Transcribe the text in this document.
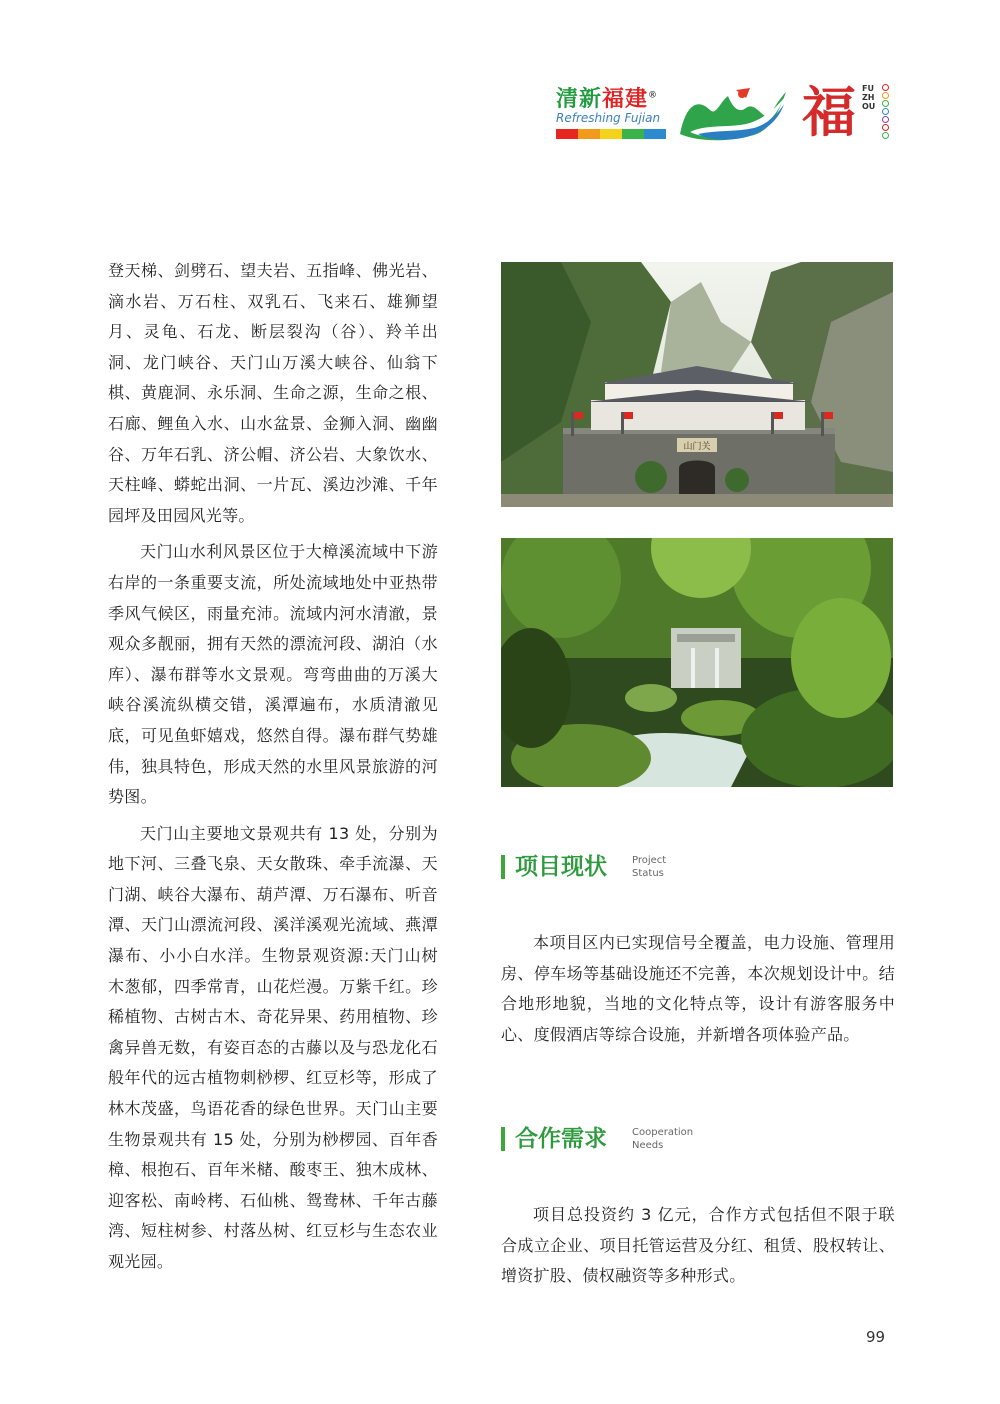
清新福建®
Refreshing Fujian	福 FUZHOU

登天梯、剑劈石、望夫岩、五指峰、佛光岩、滴水岩、万石柱、双乳石、飞来石、雄狮望月、灵龟、石龙、断层裂沟（谷）、羚羊出洞、龙门峡谷、天门山万溪大峡谷、仙翁下棋、黄鹿洞、永乐洞、生命之源，生命之根、石廊、鲤鱼入水、山水盆景、金狮入洞、幽幽谷、万年石乳、济公帽、济公岩、大象饮水、天柱峰、蟒蛇出洞、一片瓦、溪边沙滩、千年园坪及田园风光等。

天门山水利风景区位于大樟溪流域中下游右岸的一条重要支流，所处流域地处中亚热带季风气候区，雨量充沛。流域内河水清澈，景观众多靓丽，拥有天然的漂流河段、湖泊（水库）、瀑布群等水文景观。弯弯曲曲的万溪大峡谷溪流纵横交错，溪潭遍布，水质清澈见底，可见鱼虾嬉戏，悠然自得。瀑布群气势雄伟，独具特色，形成天然的水里风景旅游的河势图。

天门山主要地文景观共有 13 处，分别为地下河、三叠飞泉、天女散珠、牵手流瀑、天门湖、峡谷大瀑布、葫芦潭、万石瀑布、听音潭、天门山漂流河段、溪洋溪观光流域、燕潭瀑布、小小白水洋。生物景观资源:天门山树木葱郁，四季常青，山花烂漫。万紫千红。珍稀植物、古树古木、奇花异果、药用植物、珍禽异兽无数，有姿百态的古藤以及与恐龙化石般年代的远古植物刺桫椤、红豆杉等，形成了林木茂盛，鸟语花香的绿色世界。天门山主要生物景观共有 15 处，分别为桫椤园、百年香樟、根抱石、百年米槠、酸枣王、独木成林、迎客松、南岭栲、石仙桃、鸳鸯林、千年古藤湾、短柱树参、村落丛树、红豆杉与生态农业观光园。

山门关
项目现状	Project
Status

本项目区内已实现信号全覆盖，电力设施、管理用房、停车场等基础设施还不完善，本次规划设计中。结合地形地貌，当地的文化特点等，设计有游客服务中心、度假酒店等综合设施，并新增各项体验产品。

合作需求	Cooperation
Needs

项目总投资约 3 亿元，合作方式包括但不限于联合成立企业、项目托管运营及分红、租赁、股权转让、增资扩股、债权融资等多种形式。

99
